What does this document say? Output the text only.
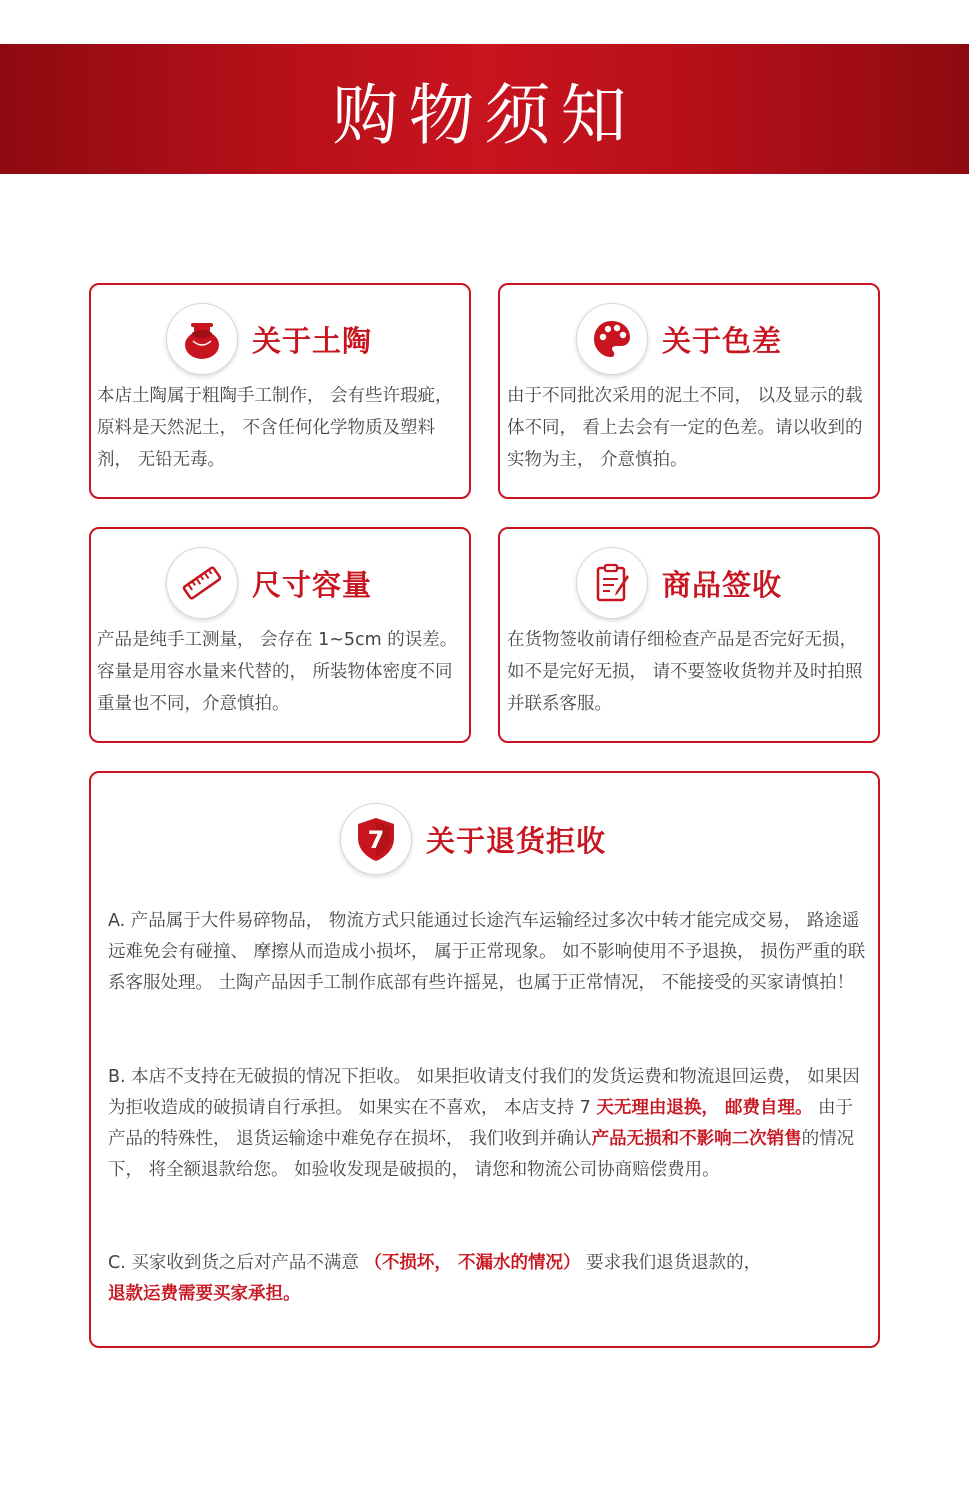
购物须知
关于土陶
本店土陶属于粗陶手工制作， 会有些许瑕疵， 原料是天然泥土， 不含任何化学物质及塑料剂， 无铅无毒。
关于色差
由于不同批次采用的泥土不同， 以及显示的载体不同， 看上去会有一定的色差。请以收到的实物为主， 介意慎拍。
尺寸容量
产品是纯手工测量， 会存在 1~5cm 的误差。 容量是用容水量来代替的， 所装物体密度不同重量也不同，介意慎拍。
商品签收
在货物签收前请仔细检查产品是否完好无损， 如不是完好无损， 请不要签收货物并及时拍照并联系客服。
7 关于退货拒收
A. 产品属于大件易碎物品， 物流方式只能通过长途汽车运输经过多次中转才能完成交易， 路途遥远难免会有碰撞、 摩擦从而造成小损坏， 属于正常现象。 如不影响使用不予退换， 损伤严重的联系客服处理。 土陶产品因手工制作底部有些许摇晃，也属于正常情况， 不能接受的买家请慎拍！
B. 本店不支持在无破损的情况下拒收。 如果拒收请支付我们的发货运费和物流退回运费， 如果因为拒收造成的破损请自行承担。 如果实在不喜欢， 本店支持 7 天无理由退换， 邮费自理。 由于产品的特殊性， 退货运输途中难免存在损坏， 我们收到并确认产品无损和不影响二次销售的情况下， 将全额退款给您。 如验收发现是破损的， 请您和物流公司协商赔偿费用。
C. 买家收到货之后对产品不满意 （不损坏， 不漏水的情况） 要求我们退货退款的，
退款运费需要买家承担。
